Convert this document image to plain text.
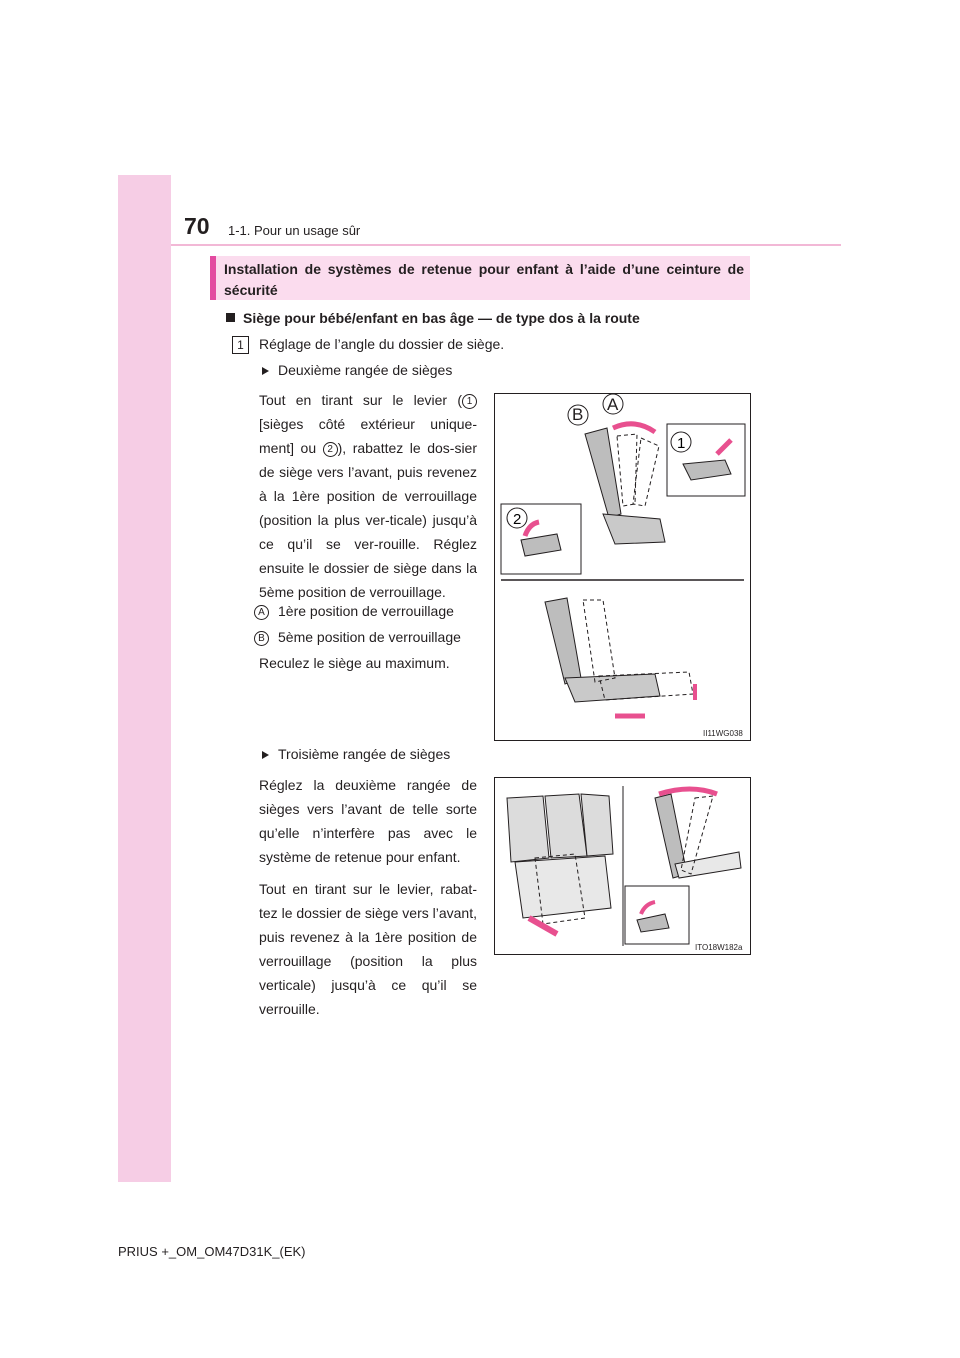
70 1-1. Pour un usage sûr
Installation de systèmes de retenue pour enfant à l’aide d’une ceinture de sécurité
Siège pour bébé/enfant en bas âge — de type dos à la route
1	Réglage de l’angle du dossier de siège.
Deuxième rangée de sièges
Tout en tirant sur le levier ( 1 [sièges côté extérieur unique-ment] ou 2 ), rabattez le dos-sier de siège vers l’avant, puis revenez à la 1ère position de verrouillage (position la plus ver-ticale) jusqu’à ce qu’il se ver-rouille. Réglez ensuite le dossier de siège dans la 5ème position de verrouillage.
A 1ère position de verrouillage
B 5ème position de verrouillage
Reculez le siège au maximum.
Troisième rangée de sièges
Réglez la deuxième rangée de sièges vers l’avant de telle sorte qu’elle n’interfère pas avec le système de retenue pour enfant.
Tout en tirant sur le levier, rabat-tez le dossier de siège vers l’avant, puis revenez à la 1ère position de verrouillage (position la plus verticale) jusqu’à ce qu’il se verrouille.
B
A
1
2
II11WG038
ITO18W182a
PRIUS +_OM_OM47D31K_(EK)
